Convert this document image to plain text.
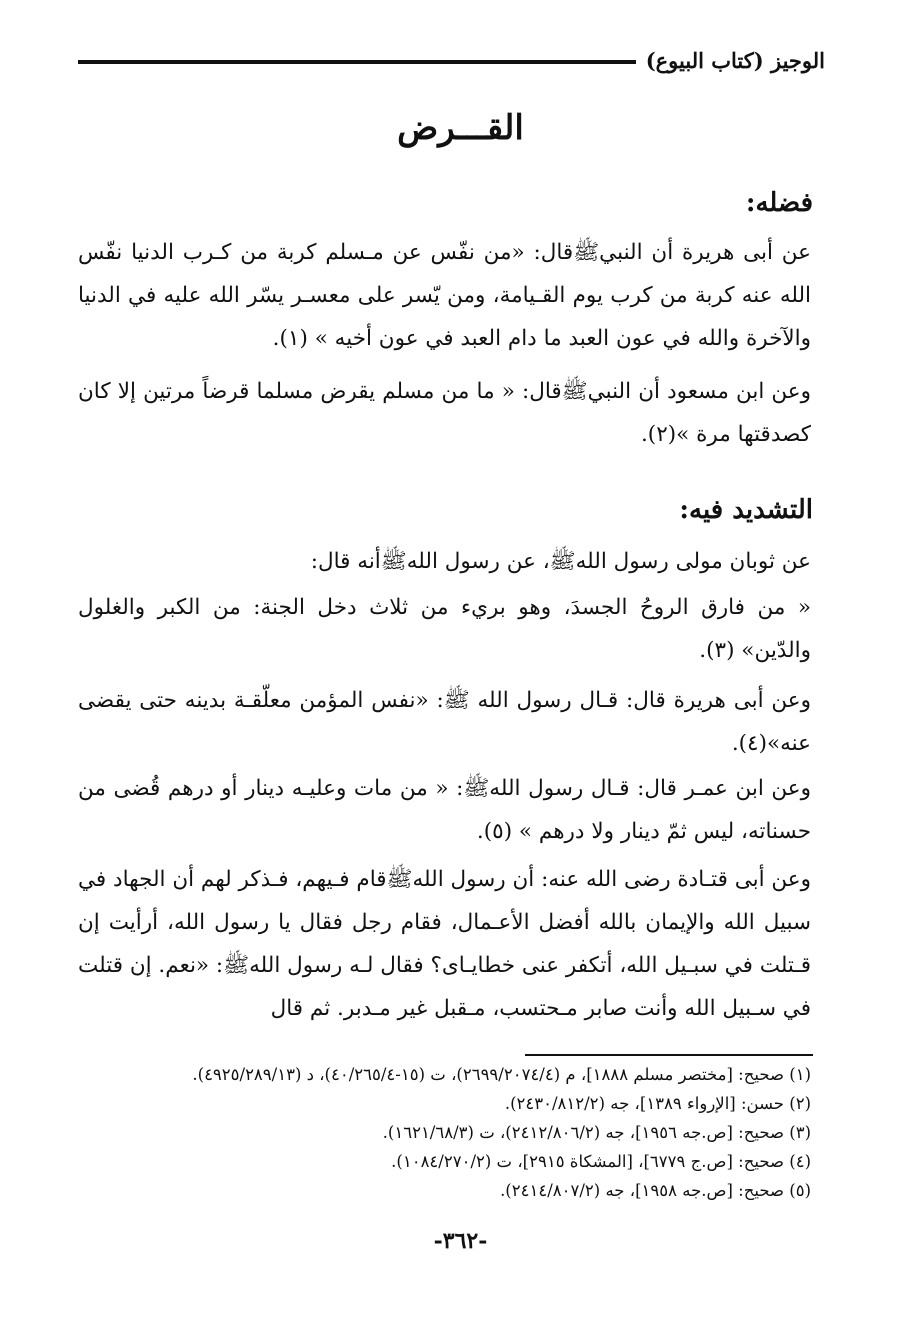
الوجيز (كتاب البيوع)
القـــرض
فضله:
عن أبى هريرة أن النبيﷺقال: «من نفّس عن مـسلم كربة من كـرب الدنيا نفّس الله عنه كربة من كرب يوم القـيامة، ومن يّسر على معسـر يسّر الله عليه في الدنيا والآخرة والله في عون العبد ما دام العبد في عون أخيه » (١).
وعن ابن مسعود أن النبيﷺقال: « ما من مسلم يقرض مسلما قرضاً مرتين إلا كان كصدقتها مرة »(٢).
التشديد فيه:
عن ثوبان مولى رسول اللهﷺ، عن رسول اللهﷺأنه قال:
« من فارق الروحُ الجسدَ، وهو بريء من ثلاث دخل الجنة: من الكبر والغلول والدّين» (٣).
وعن أبى هريرة قال: قـال رسول الله ﷺ: «نفس المؤمن معلّقـة بدينه حتى يقضى عنه»(٤).
وعن ابن عمـر قال: قـال رسول اللهﷺ: « من مات وعليـه دينار أو درهم قُضى من حسناته، ليس ثمّ دينار ولا درهم » (٥).
وعن أبى قتـادة رضى الله عنه: أن رسول اللهﷺقام فـيهم، فـذكر لهم أن الجهاد في سبيل الله والإيمان بالله أفضل الأعـمال، فقام رجل فقال يا رسول الله، أرأيت إن قـتلت في سبـيل الله، أتكفر عنى خطايـاى؟ فقال لـه رسول اللهﷺ: «نعم. إن قتلت في سـبيل الله وأنت صابر مـحتسب، مـقبل غير مـدبر. ثم قال
(١) صحيح: [مختصر مسلم ١٨٨٨]، م (٢٦٩٩/٢٠٧٤/٤)، ت (١٥-٤٠/٢٦٥/٤)، د (٤٩٢٥/٢٨٩/١٣).
(٢) حسن: [الإرواء ١٣٨٩]، جه (٢٤٣٠/٨١٢/٢).
(٣) صحيح: [ص.جه ١٩٥٦]، جه (٢٤١٢/٨٠٦/٢)، ت (١٦٢١/٦٨/٣).
(٤) صحيح: [ص.ج ٦٧٧٩]، [المشكاة ٢٩١٥]، ت (١٠٨٤/٢٧٠/٢).
(٥) صحيح: [ص.جه ١٩٥٨]، جه (٢٤١٤/٨٠٧/٢).
-٣٦٢-
